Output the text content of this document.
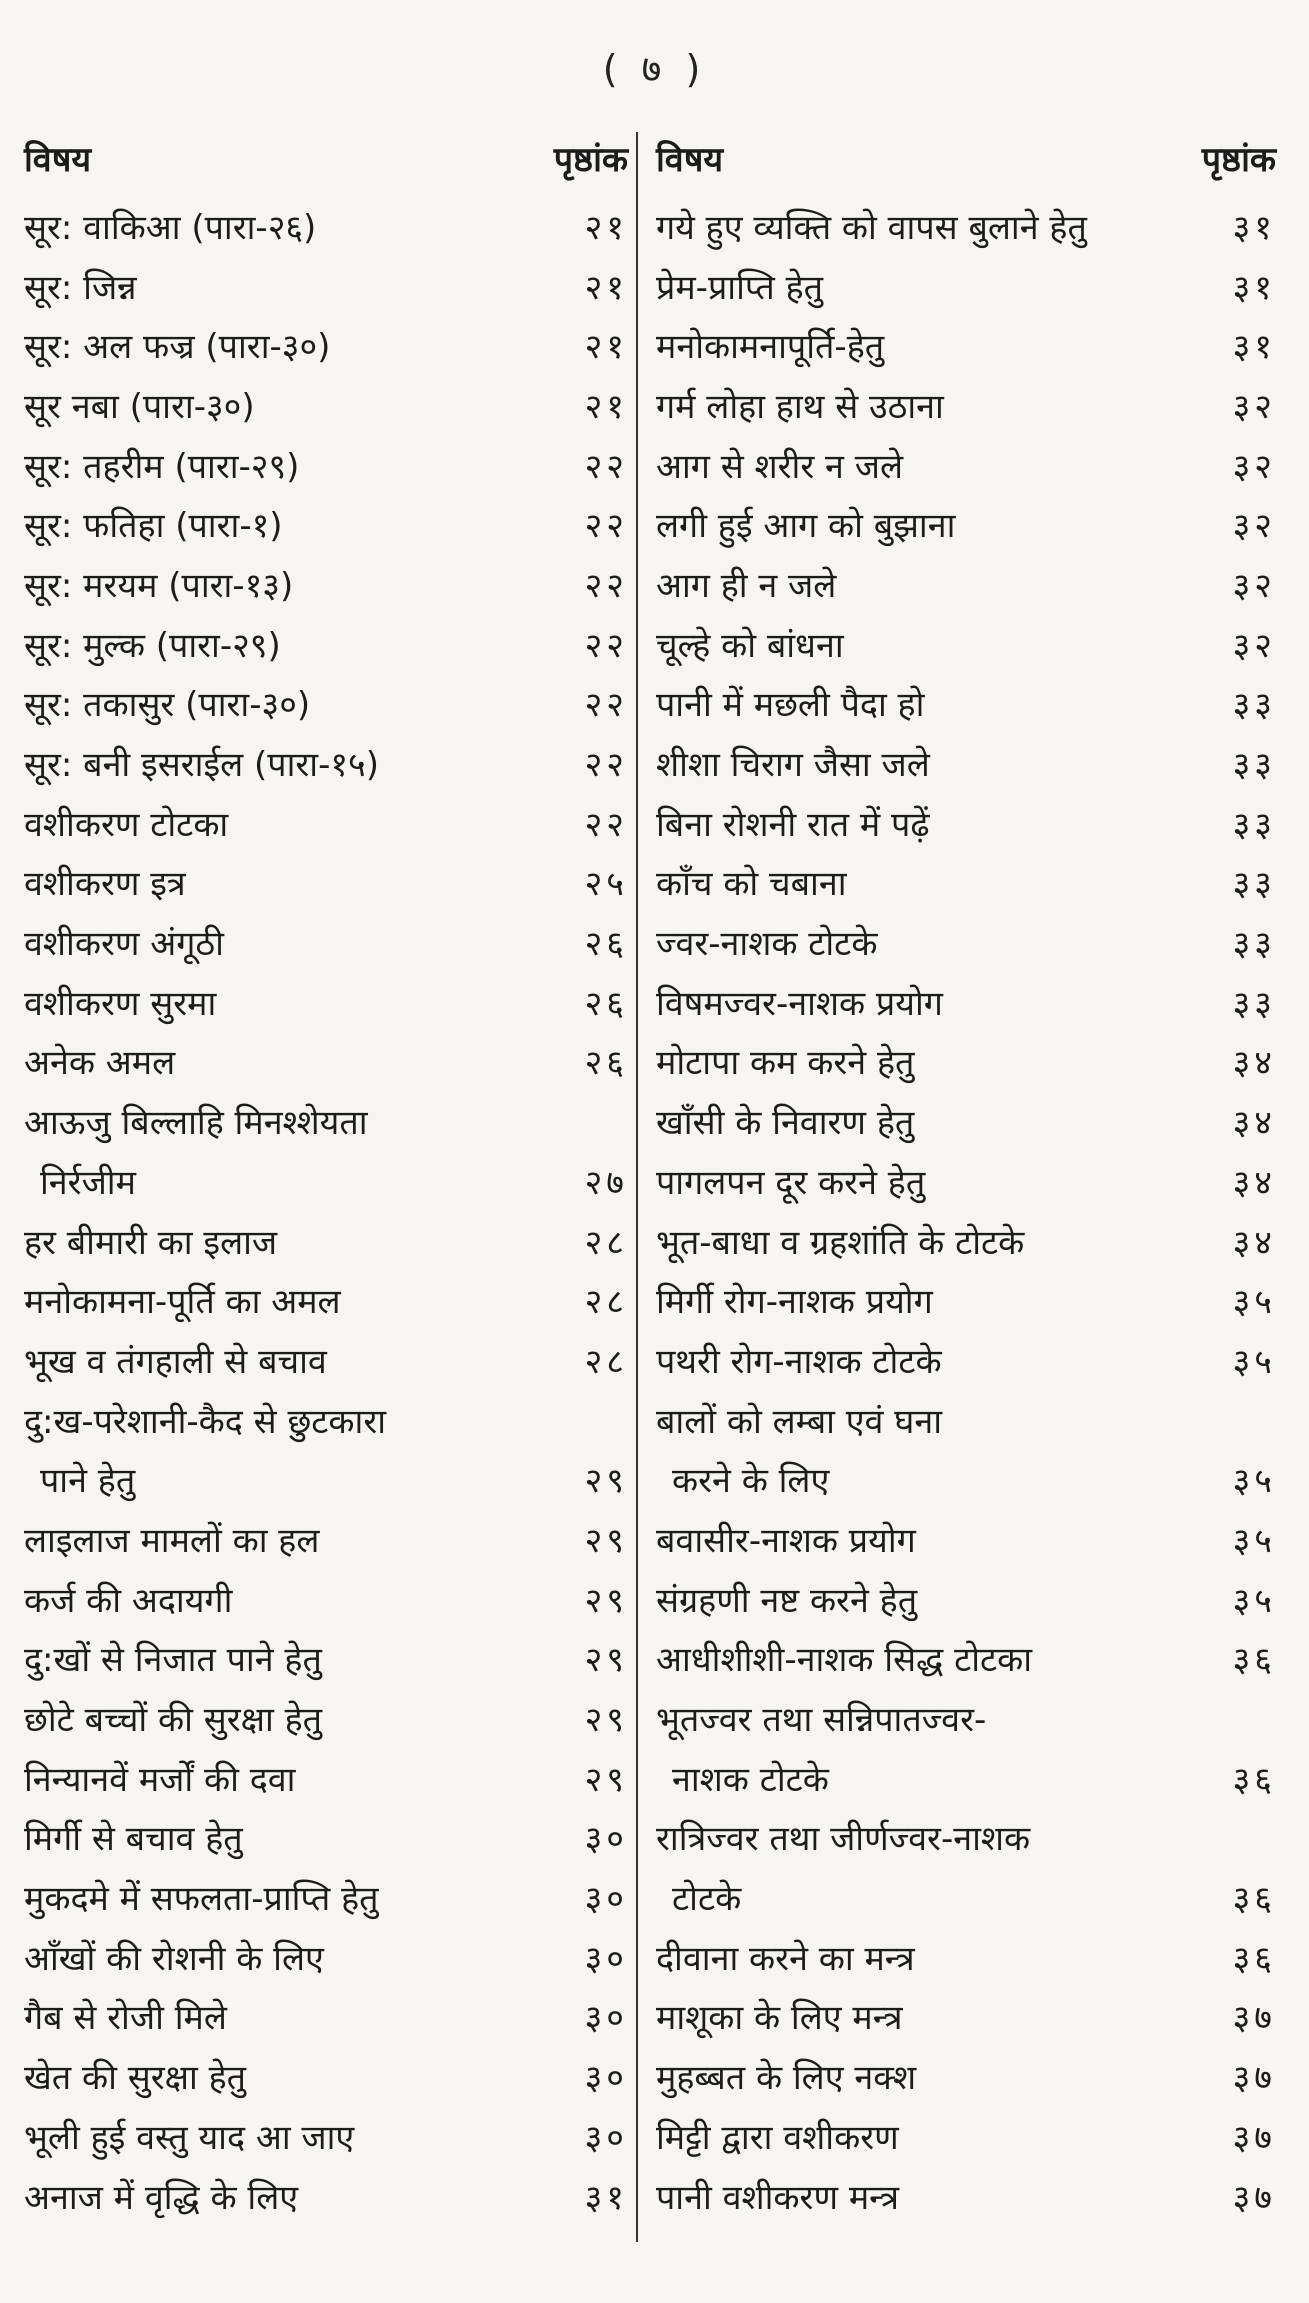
( ७ )
विषय	पृष्ठांक
सूर: वाकिआ (पारा-२६)	२१
सूर: जिन्न	२१
सूर: अल फज्र (पारा-३०)	२१
सूर नबा (पारा-३०)	२१
सूर: तहरीम (पारा-२९)	२२
सूर: फतिहा (पारा-१)	२२
सूर: मरयम (पारा-१३)	२२
सूर: मुल्क (पारा-२९)	२२
सूर: तकासुर (पारा-३०)	२२
सूर: बनी इसराईल (पारा-१५)	२२
वशीकरण टोटका	२२
वशीकरण इत्र	२५
वशीकरण अंगूठी	२६
वशीकरण सुरमा	२६
अनेक अमल	२६
आऊजु बिल्लाहि मिनश्शेयता
निर्रजीम	२७
हर बीमारी का इलाज	२८
मनोकामना-पूर्ति का अमल	२८
भूख व तंगहाली से बचाव	२८
दु:ख-परेशानी-कैद से छुटकारा
पाने हेतु	२९
लाइलाज मामलों का हल	२९
कर्ज की अदायगी	२९
दु:खों से निजात पाने हेतु	२९
छोटे बच्चों की सुरक्षा हेतु	२९
निन्यानवें मर्जों की दवा	२९
मिर्गी से बचाव हेतु	३०
मुकदमे में सफलता-प्राप्ति हेतु	३०
आँखों की रोशनी के लिए	३०
गैब से रोजी मिले	३०
खेत की सुरक्षा हेतु	३०
भूली हुई वस्तु याद आ जाए	३०
अनाज में वृद्धि के लिए	३१
विषय	पृष्ठांक
गये हुए व्यक्ति को वापस बुलाने हेतु	३१
प्रेम-प्राप्ति हेतु	३१
मनोकामनापूर्ति-हेतु	३१
गर्म लोहा हाथ से उठाना	३२
आग से शरीर न जले	३२
लगी हुई आग को बुझाना	३२
आग ही न जले	३२
चूल्हे को बांधना	३२
पानी में मछली पैदा हो	३३
शीशा चिराग जैसा जले	३३
बिना रोशनी रात में पढ़ें	३३
काँच को चबाना	३३
ज्वर-नाशक टोटके	३३
विषमज्वर-नाशक प्रयोग	३३
मोटापा कम करने हेतु	३४
खाँसी के निवारण हेतु	३४
पागलपन दूर करने हेतु	३४
भूत-बाधा व ग्रहशांति के टोटके	३४
मिर्गी रोग-नाशक प्रयोग	३५
पथरी रोग-नाशक टोटके	३५
बालों को लम्बा एवं घना
करने के लिए	३५
बवासीर-नाशक प्रयोग	३५
संग्रहणी नष्ट करने हेतु	३५
आधीशीशी-नाशक सिद्ध टोटका	३६
भूतज्वर तथा सन्निपातज्वर-
नाशक टोटके	३६
रात्रिज्वर तथा जीर्णज्वर-नाशक
टोटके	३६
दीवाना करने का मन्त्र	३६
माशूका के लिए मन्त्र	३७
मुहब्बत के लिए नक्श	३७
मिट्टी द्वारा वशीकरण	३७
पानी वशीकरण मन्त्र	३७
